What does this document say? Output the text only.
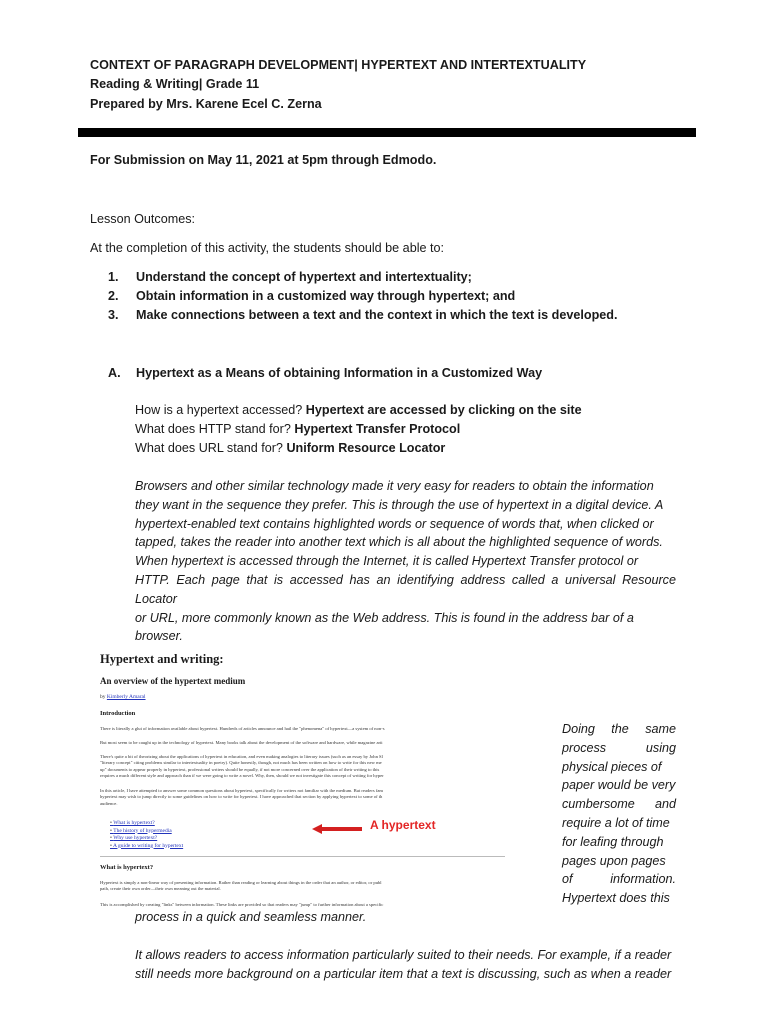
CONTEXT OF PARAGRAPH DEVELOPMENT| HYPERTEXT AND INTERTEXTUALITY
Reading & Writing| Grade 11
Prepared by Mrs. Karene Ecel C. Zerna
For Submission on May 11, 2021 at 5pm through Edmodo.
Lesson Outcomes:
At the completion of this activity, the students should be able to:
1. Understand the concept of hypertext and intertextuality;
2. Obtain information in a customized way through hypertext; and
3. Make connections between a text and the context in which the text is developed.
A. Hypertext as a Means of obtaining Information in a Customized Way
How is a hypertext accessed? Hypertext are accessed by clicking on the site
What does HTTP stand for? Hypertext Transfer Protocol
What does URL stand for? Uniform Resource Locator

Browsers and other similar technology made it very easy for readers to obtain the information

they want in the sequence they prefer. This is through the use of hypertext in a digital device. A

hypertext-enabled text contains highlighted words or sequence of words that, when clicked or

tapped, takes the reader into another text which is all about the highlighted sequence of words.

When hypertext is accessed through the Internet, it is called Hypertext Transfer protocol or

HTTP. Each page that is accessed has an identifying address called a universal Resource Locator

or URL, more commonly known as the Web address. This is found in the address bar of a

browser.

Hypertext and writing:
An overview of the hypertext medium
by Kimberly Amaral
Introduction
There is literally a glut of information available about hypertext. Hundreds of articles announce and hail the "phenomena" of hypertext—a system of non-s
But most seem to be caught up in the technology of hypertext. Many books talk about the development of the software and hardware, while magazine arti
There's quite a bit of theorizing about the applications of hypertext in education, and even making analogies to literary issues (such as an essay by John Sl
"literary concept" citing problems similar to intertextuality in poetry). Quite honestly, though, not much has been written on how to write for this new me
up" documents to appear properly in hypertext, professional writers should be equally, if not more concerned over the application of their writing to this
requires a much different style and approach than if we were going to write a novel. Why, then, should we not investigate this concept of writing for hyper
In this article, I have attempted to answer some common questions about hypertext, specifically for writers not familiar with the medium. But readers fam
hypertext may wish to jump directly to some guidelines on how to write for hypertext. I have approached that section by applying hypertext to some of th
audience.
• What is hypertext?
• The history of hypermedia
• Why use hypertext?
• A guide to writing for hypertext
A hypertext
What is hypertext?
Hypertext is simply a non-linear way of presenting information. Rather than reading or learning about things in the order that an author, or editor, or publ
path, create their own order—their own meaning out the material.
This is accomplished by creating "links" between information. These links are provided so that readers may "jump" to further information about a specific
Doing the same
process	using
physical pieces of
paper would be very
cumbersome and
require a lot of time
for leafing through
pages upon pages
of	information.
Hypertext does this
process in a quick and seamless manner.

It allows readers to access information particularly suited to their needs. For example, if a reader

still needs more background on a particular item that a text is discussing, such as when a reader
